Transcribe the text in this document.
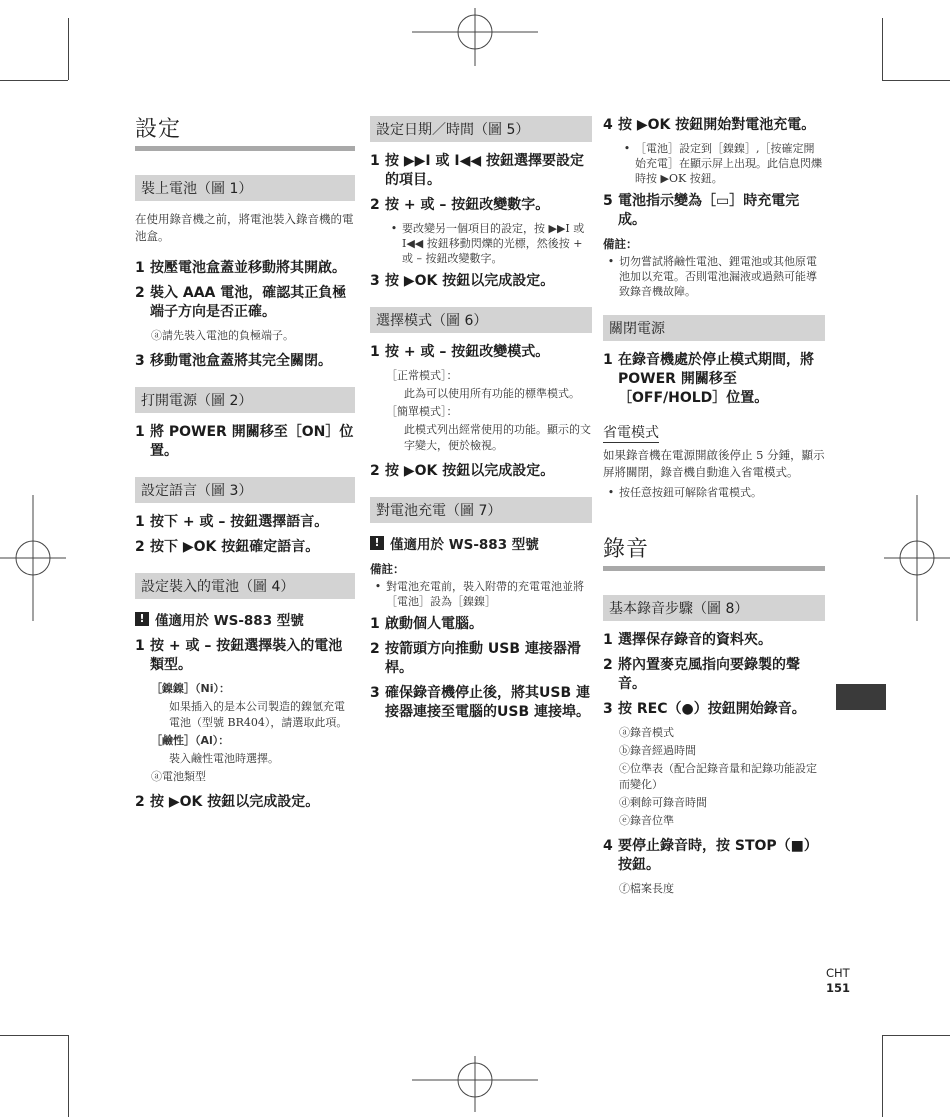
設定
裝上電池（圖 1）
在使用錄音機之前，將電池裝入錄音機的電池盒。
1 按壓電池盒蓋並移動將其開啟。
2 裝入 AAA 電池，確認其正負極端子方向是否正確。
ⓐ請先裝入電池的負極端子。
3 移動電池盒蓋將其完全關閉。
打開電源（圖 2）
1 將 POWER 開關移至［ON］位置。
設定語言（圖 3）
1 按下 + 或 – 按鈕選擇語言。
2 按下 ▶OK 按鈕確定語言。
設定裝入的電池（圖 4）
! 僅適用於 WS-883 型號
1 按 + 或 – 按鈕選擇裝入的電池類型。
［鎳鎳］（Ni）：
如果插入的是本公司製造的鎳氫充電電池（型號 BR404），請選取此項。
［鹼性］（Al）：
裝入鹼性電池時選擇。
ⓐ電池類型
2 按 ▶OK 按鈕以完成設定。
設定日期／時間（圖 5）
1 按 ▶▶I 或 I◀◀ 按鈕選擇要設定的項目。
2 按 + 或 – 按鈕改變數字。
• 要改變另一個項目的設定，按 ▶▶I 或 I◀◀ 按鈕移動閃爍的光標，然後按 + 或 – 按鈕改變數字。
3 按 ▶OK 按鈕以完成設定。
選擇模式（圖 6）
1 按 + 或 – 按鈕改變模式。
［正常模式］：
此為可以使用所有功能的標準模式。
［簡單模式］：
此模式列出經常使用的功能。顯示的文字變大，便於檢視。
2 按 ▶OK 按鈕以完成設定。
對電池充電（圖 7）
! 僅適用於 WS-883 型號
備註：
• 對電池充電前，裝入附帶的充電電池並將［電池］設為［鎳鎳］
1 啟動個人電腦。
2 按箭頭方向推動 USB 連接器滑桿。
3 確保錄音機停止後，將其USB 連接器連接至電腦的USB 連接埠。
4 按 ▶OK 按鈕開始對電池充電。
• ［電池］設定到［鎳鎳］,［按確定開始充電］在顯示屏上出現。此信息閃爍時按 ▶OK 按鈕。
5 電池指示變為［▭］時充電完成。
備註：
• 切勿嘗試將鹼性電池、鋰電池或其他原電池加以充電。否則電池漏液或過熱可能導致錄音機故障。
關閉電源
1 在錄音機處於停止模式期間，將 POWER 開關移至［OFF/HOLD］位置。
省電模式
如果錄音機在電源開啟後停止 5 分鍾，顯示屏將關閉，錄音機自動進入省電模式。
• 按任意按鈕可解除省電模式。
錄音
基本錄音步驟（圖 8）
1 選擇保存錄音的資料夾。
2 將內置麥克風指向要錄製的聲音。
3 按 REC（●）按鈕開始錄音。
ⓐ錄音模式
ⓑ錄音經過時間
ⓒ位準表（配合記錄音量和記錄功能設定而變化）
ⓓ剩餘可錄音時間
ⓔ錄音位準
4 要停止錄音時，按 STOP（■）按鈕。
ⓕ檔案長度
CHT
151
